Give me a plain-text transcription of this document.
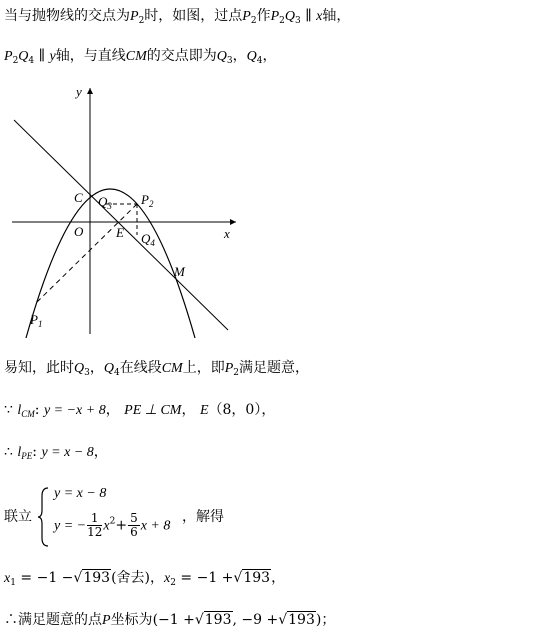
当与抛物线的交点为$P_2$时，如图，过点$P_2$作$P_2Q_3$ ∥ x轴，
$P_2Q_4$ ∥ y轴，与直线CM的交点即为$Q_3$，$Q_4$，
y
x
O
C
E
M
$Q_3$
$Q_4$
$P_2$
$P_1$
易知，此时$Q_3$，$Q_4$在线段CM上，即$P_2$满足题意，
∵ $l_{CM}$: y = −x + 8， PE ⊥ CM， E（8，0），
∴ $l_{PE}$: y = x − 8，
联立
y = x − 8
y = − $\frac{1}{12} x^2+ \frac{5}{6}$ x + 8
，解得
$x_1 = -1 -√193$(舍去)，$x_2 = -1 +√193$，
∴满足题意的点P坐标为(−1 +√193, −9 +√193)；
